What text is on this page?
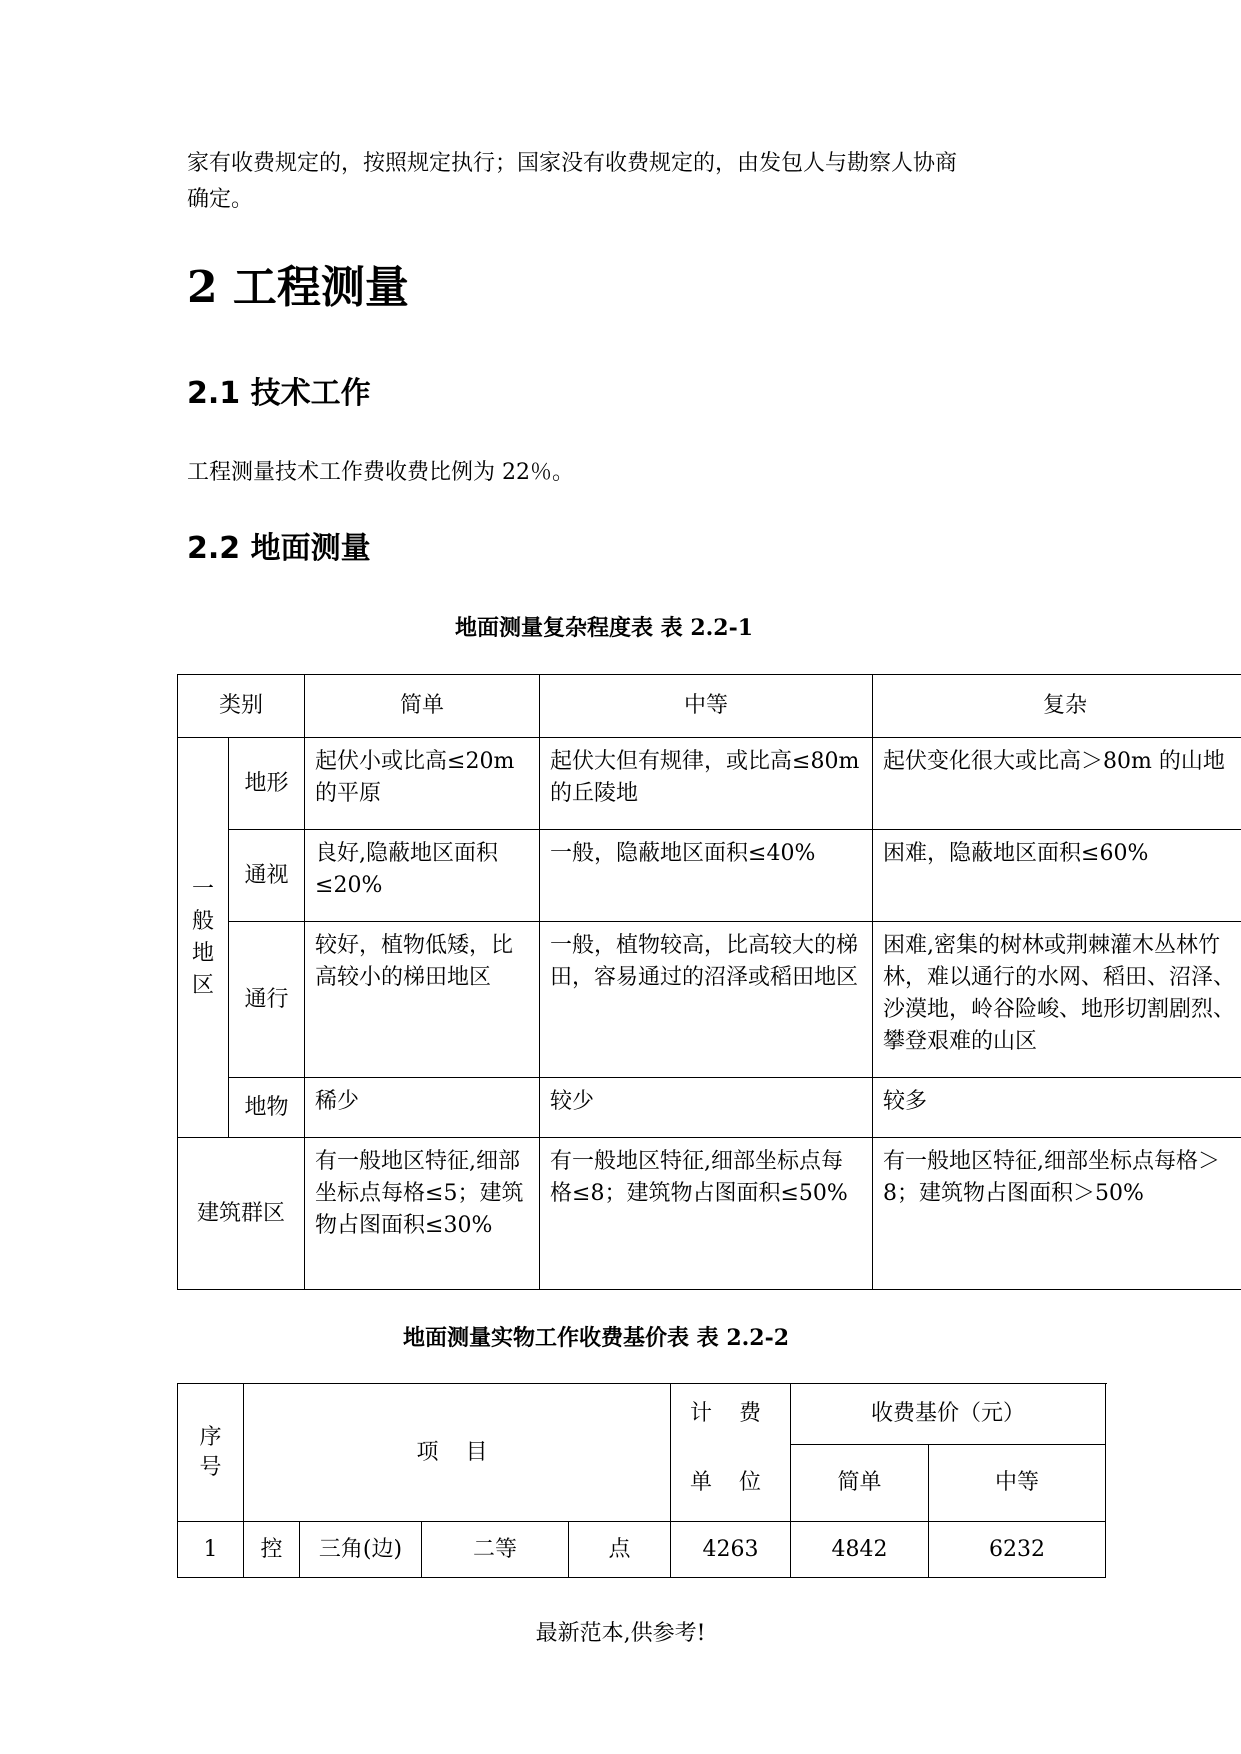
家有收费规定的，按照规定执行；国家没有收费规定的，由发包人与勘察人协商
确定。

2 工程测量
2.1 技术工作

工程测量技术工作费收费比例为 22％。

2.2 地面测量

地面测量复杂程度表 表 2.2-1

类别		简单	中等	复杂

一
般
地
区	地形	起伏小或比高≤20m 的平原	起伏大但有规律，或比高≤80m 的丘陵地	起伏变化很大或比高＞80m 的山地
	通视	良好,隐蔽地区面积≤20%	一般，隐蔽地区面积≤40%	困难，隐蔽地区面积≤60%
	通行	较好，植物低矮，比高较小的梯田地区	一般，植物较高，比高较大的梯田，容易通过的沼泽或稻田地区	困难,密集的树林或荆棘灌木丛林竹林，难以通行的水网、稻田、沼泽、沙漠地，岭谷险峻、地形切割剧烈、攀登艰难的山区
	地物	稀少	较少	较多
建筑群区		有一般地区特征,细部坐标点每格≤5；建筑物占图面积≤30%	有一般地区特征,细部坐标点每格≤8；建筑物占图面积≤50%	有一般地区特征,细部坐标点每格＞8；建筑物占图面积＞50%

地面测量实物工作收费基价表 表 2.2-2

序号	项 目				计 费	收费基价（元）		
					单 位	简单	中等	
1	控	三角(边)	二等	点	4263	4842	6232	

最新范本,供参考!
